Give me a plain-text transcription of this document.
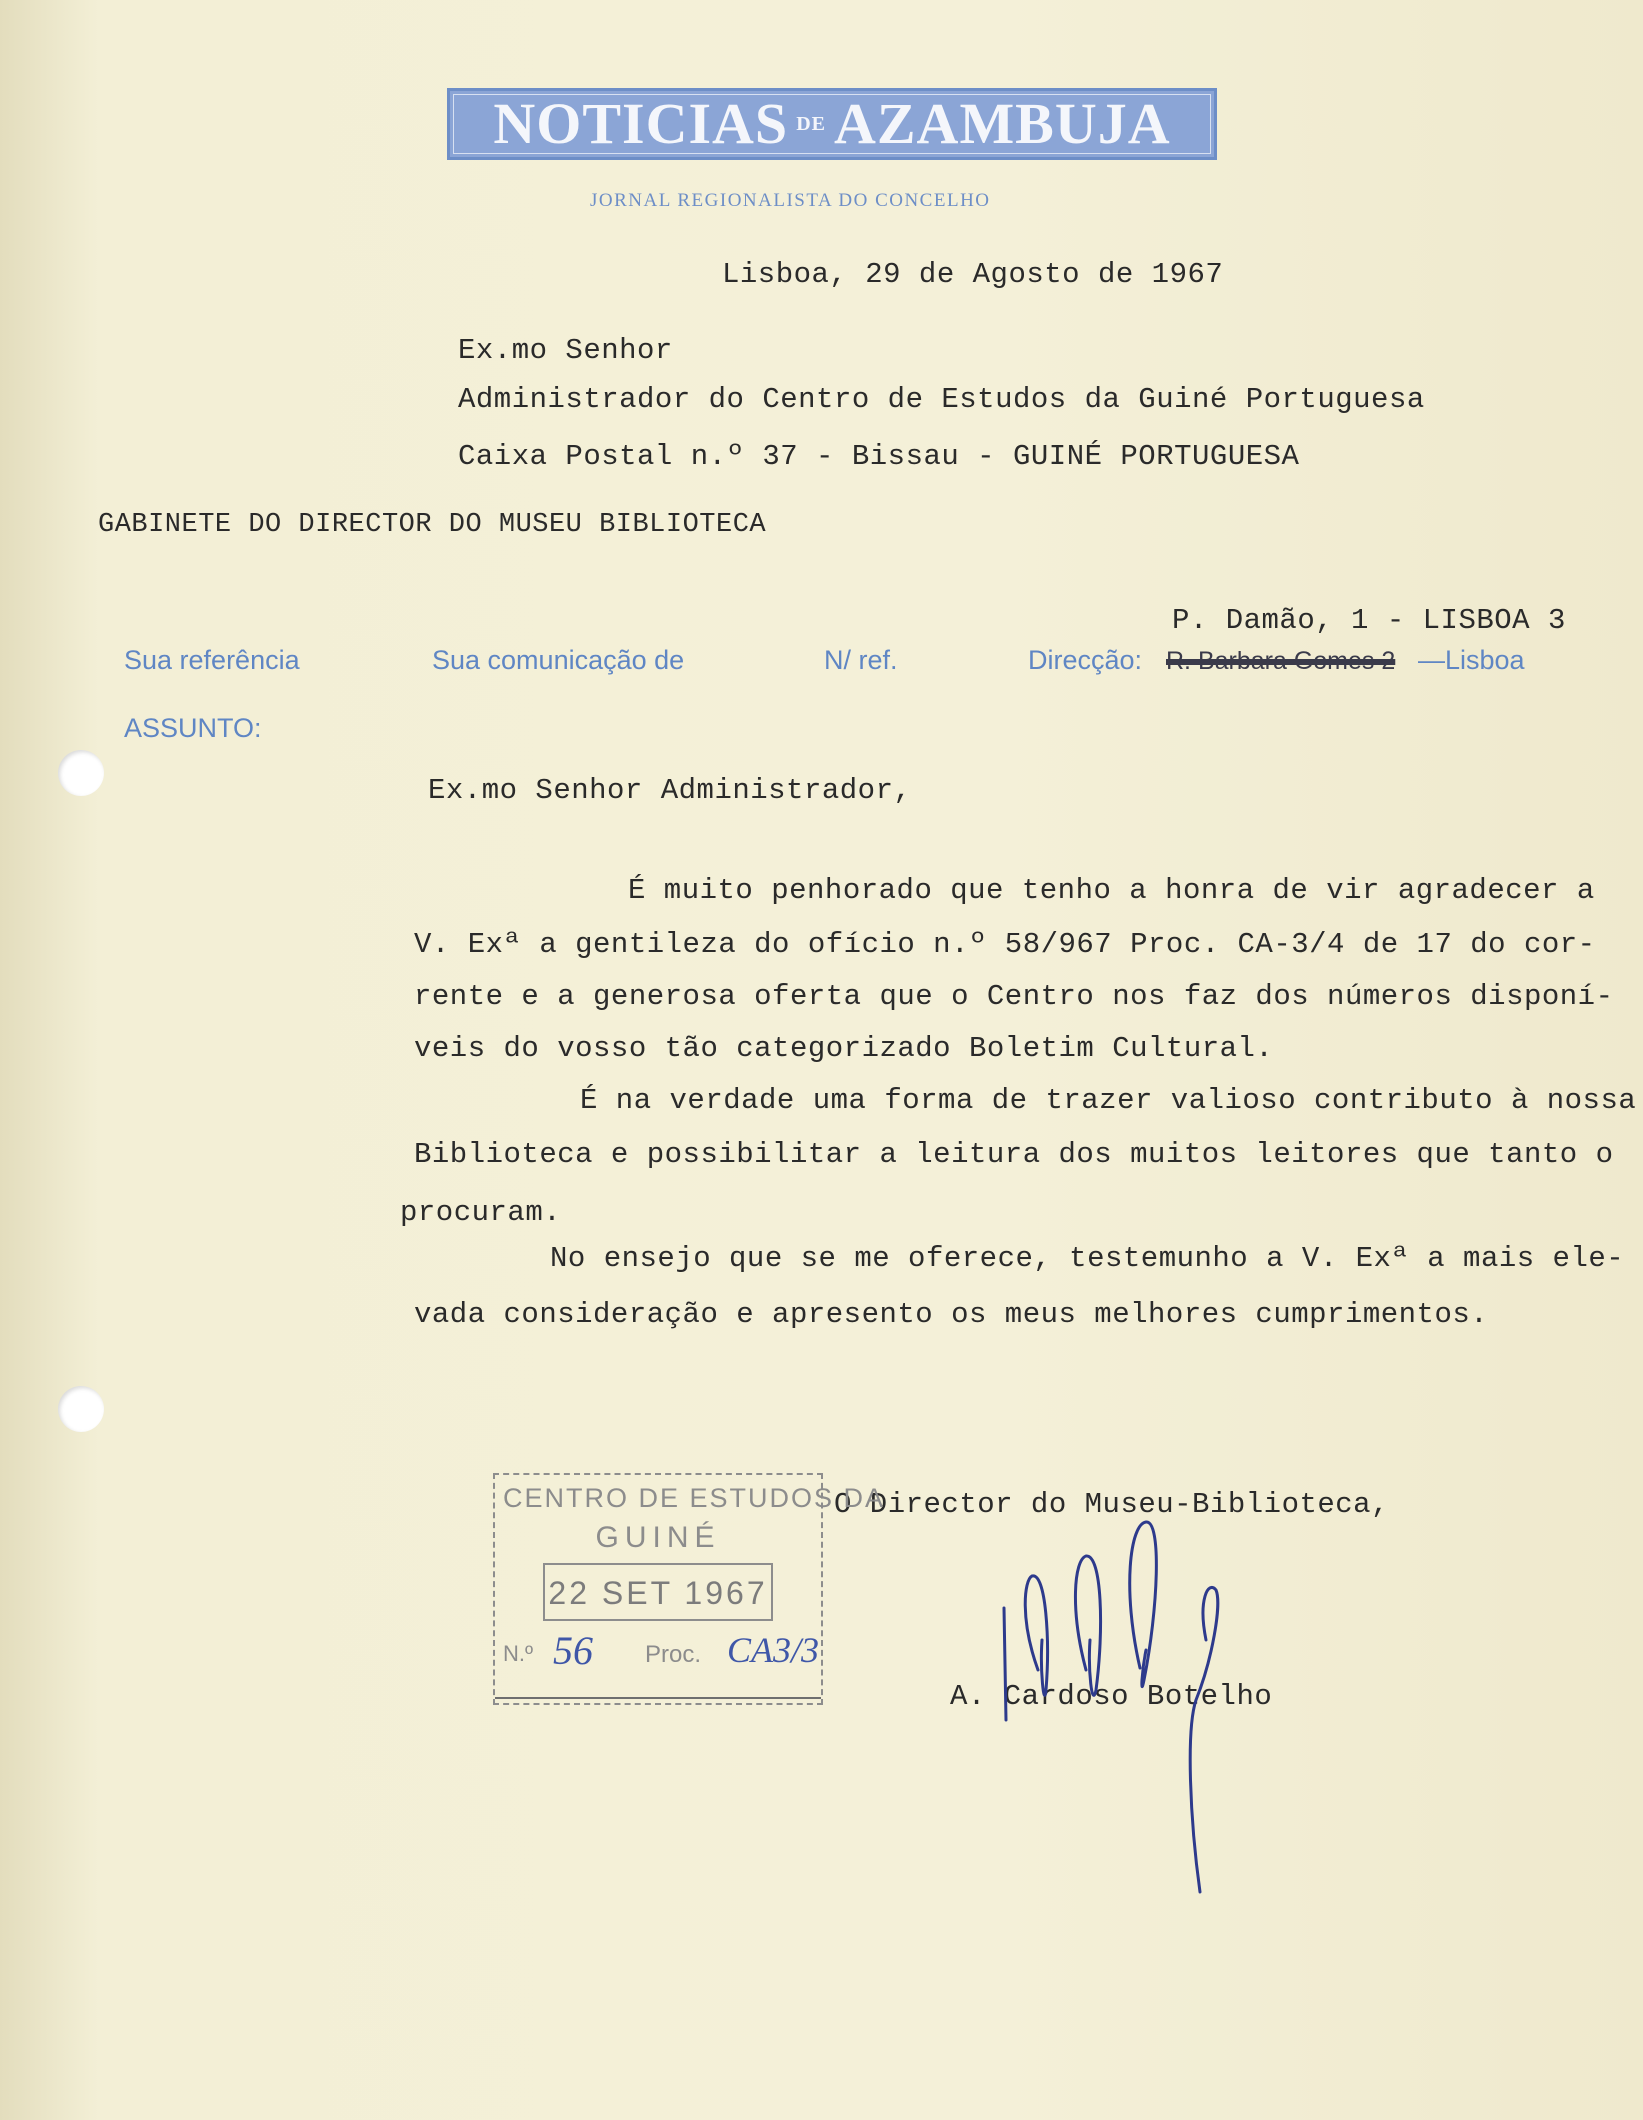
NOTICIAS DE AZAMBUJA
JORNAL REGIONALISTA DO CONCELHO
Lisboa, 29 de Agosto de 1967
Ex.mo Senhor
Administrador do Centro de Estudos da Guiné Portuguesa
Caixa Postal n.º 37 - Bissau - GUINÉ PORTUGUESA
GABINETE DO DIRECTOR DO MUSEU BIBLIOTECA
P. Damão, 1 - LISBOA 3
Sua referência	Sua comunicação de	N/ ref.	Direcção: R. Barbara Gomes 2 —Lisboa
ASSUNTO:
Ex.mo Senhor Administrador,
É muito penhorado que tenho a honra de vir agradecer a
V. Exª a gentileza do ofício n.º 58/967 Proc. CA-3/4 de 17 do cor-
rente e a generosa oferta que o Centro nos faz dos números disponí-
veis do vosso tão categorizado Boletim Cultural.
É na verdade uma forma de trazer valioso contributo à nossa
Biblioteca e possibilitar a leitura dos muitos leitores que tanto o
procuram.
No ensejo que se me oferece, testemunho a V. Exª a mais ele-
vada consideração e apresento os meus melhores cumprimentos.
O Director do Museu-Biblioteca,
A. Cardoso Botelho
CENTRO DE ESTUDOS DA
GUINÉ
22 SET 1967
N.º 56 Proc. CA3/3
